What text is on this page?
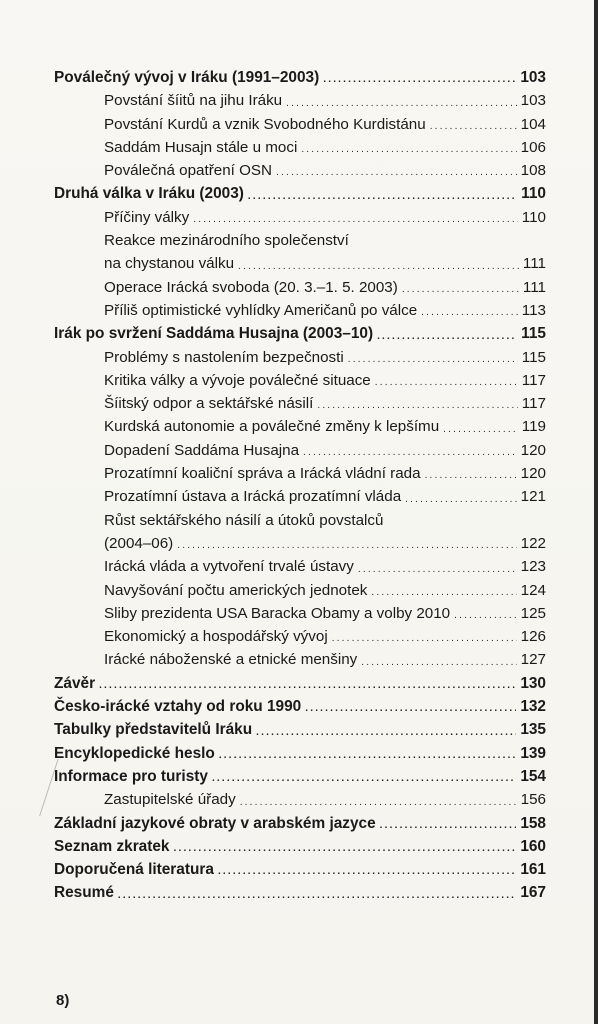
Poválečný vývoj v Iráku (1991–2003) .....	103
Povstání šíitů na jihu Iráku .....	103
Povstání Kurdů a vznik Svobodného Kurdistánu .....	104
Saddám Husajn stále u moci .....	106
Poválečná opatření OSN .....	108
Druhá válka v Iráku (2003) .....	110
Příčiny války .....	110
Reakce mezinárodního společenství
na chystanou válku .....	111
Operace Irácká svoboda (20. 3.–1. 5. 2003) .....	111
Příliš optimistické vyhlídky Američanů po válce .....	113
Irák po svržení Saddáma Husajna (2003–10) .....	115
Problémy s nastolením bezpečnosti .....	115
Kritika války a vývoje poválečné situace .....	117
Šíitský odpor a sektářské násilí .....	117
Kurdská autonomie a poválečné změny k lepšímu .....	119
Dopadení Saddáma Husajna .....	120
Prozatímní koaliční správa a Irácká vládní rada .....	120
Prozatímní ústava a Irácká prozatímní vláda .....	121
Růst sektářského násilí a útoků povstalců
(2004–06) .....	122
Irácká vláda a vytvoření trvalé ústavy .....	123
Navyšování počtu amerických jednotek .....	124
Sliby prezidenta USA Baracka Obamy a volby 2010 .....	125
Ekonomický a hospodářský vývoj .....	126
Irácké náboženské a etnické menšiny .....	127
Závěr .....	130
Česko-irácké vztahy od roku 1990 .....	132
Tabulky představitelů Iráku .....	135
Encyklopedické heslo .....	139
Informace pro turisty .....	154
Zastupitelské úřady .....	156
Základní jazykové obraty v arabském jazyce .....	158
Seznam zkratek .....	160
Doporučená literatura .....	161
Resumé .....	167
8)
